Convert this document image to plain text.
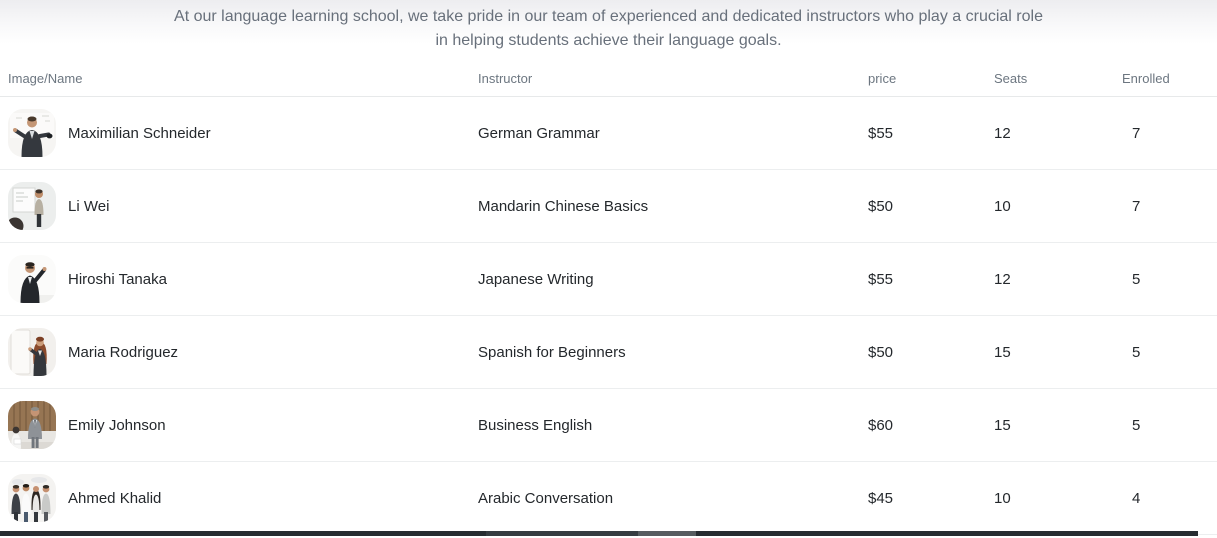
At our language learning school, we take pride in our team of experienced and dedicated instructors who play a crucial role
in helping students achieve their language goals.

Image/Name	Instructor	price	Seats	Enrolled
Maximilian Schneider	German Grammar	$55	12	7
Li Wei	Mandarin Chinese Basics	$50	10	7
Hiroshi Tanaka	Japanese Writing	$55	12	5
Maria Rodriguez	Spanish for Beginners	$50	15	5
Emily Johnson	Business English	$60	15	5
Ahmed Khalid	Arabic Conversation	$45	10	4
